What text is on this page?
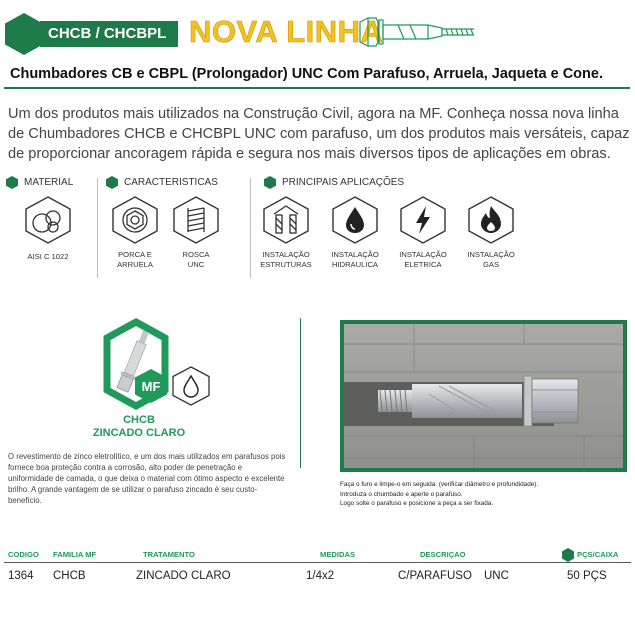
CHCB / CHCBPL NOVA LINHA
Chumbadores CB e CBPL (Prolongador) UNC Com Parafuso, Arruela, Jaqueta e Cone.
Um dos produtos mais utilizados na Construção Civil, agora na MF. Conheça nossa nova linha de Chumbadores CHCB e CHCBPL UNC com parafuso, um dos produtos mais versáteis, capaz de proporcionar ancoragem rápida e segura nos mais diversos tipos de aplicações em obras.
MATERIAL	CARACTERISTICAS	PRINCIPAIS APLICAÇÕES
AISI C 1022	PORCA E
ARRUELA
ROSCA
UNC
INSTALAÇÃO
ESTRUTURAS
INSTALAÇÃO
HIDRAULICA
INSTALAÇÃO
ELETRICA
INSTALAÇÃO
GAS
MF
CHCB
ZINCADO CLARO
O revestimento de zinco eletrolítico, e um dos mais utilizados em parafusos pois fornece boa proteção contra a corrosão, alto poder de penetração e uniformidade de camada, o que deixa o material com ótimo aspecto e excelente brilho. A grande vantagem de se utilizar o parafuso zincado é seu custo-benefício.
Faça o furo e limpe-o em seguida. (verificar diâmetro e profundidade).
Introduza o chumbado e aperte o parafuso.
Logo solte o parafuso e posicione a peça a ser fixada.
CODIGO FAMILIA MF	TRATAMENTO	MEDIDAS	DESCRIÇAO	PÇS/CAIXA
1364 CHCB	ZINCADO CLARO	1/4x2	C/PARAFUSO UNC	50 PÇS
